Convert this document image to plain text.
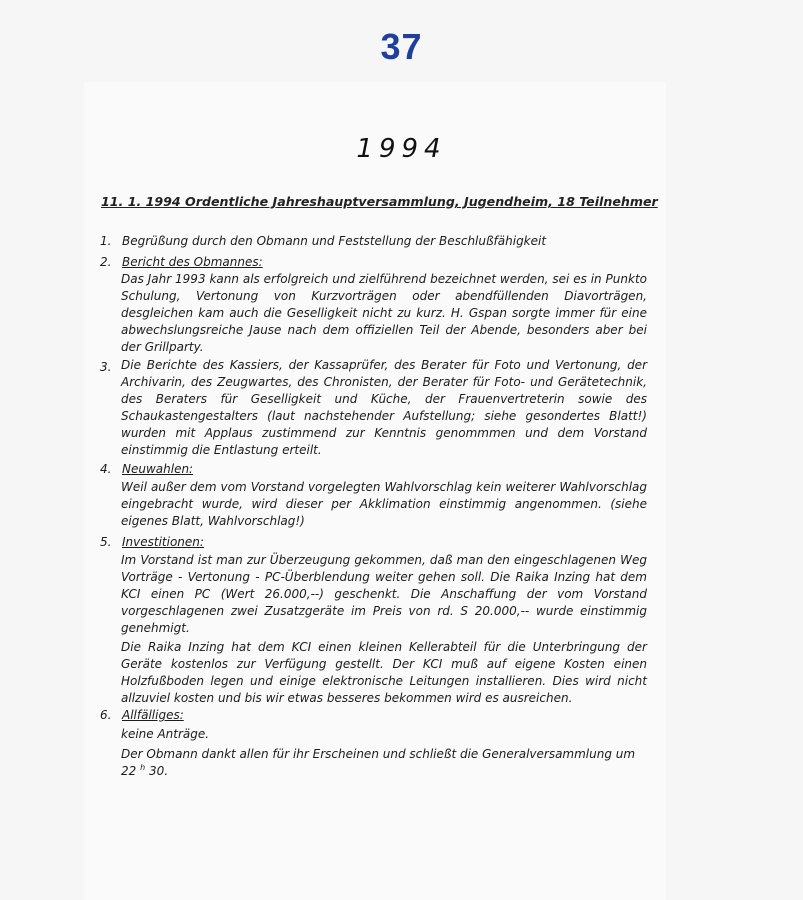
37
1994
11. 1. 1994 Ordentliche Jahreshauptversammlung, Jugendheim, 18 Teilnehmer
1. Begrüßung durch den Obmann und Feststellung der Beschlußfähigkeit
2. Bericht des Obmannes:
Das Jahr 1993 kann als erfolgreich und zielführend bezeichnet werden, sei es in Punkto Schulung, Vertonung von Kurzvorträgen oder abendfüllenden Diavorträgen, desgleichen kam auch die Geselligkeit nicht zu kurz. H. Gspan sorgte immer für eine abwechslungsreiche Jause nach dem offiziellen Teil der Abende, besonders aber bei der Grillparty.
3. Die Berichte des Kassiers, der Kassaprüfer, des Berater für Foto und Vertonung, der Archivarin, des Zeugwartes, des Chronisten, der Berater für Foto- und Gerätetechnik, des Beraters für Geselligkeit und Küche, der Frauenvertreterin sowie des Schaukastengestalters (laut nachstehender Aufstellung; siehe gesondertes Blatt!) wurden mit Applaus zustimmend zur Kenntnis genommmen und dem Vorstand einstimmig die Entlastung erteilt.
4. Neuwahlen:
Weil außer dem vom Vorstand vorgelegten Wahlvorschlag kein weiterer Wahlvorschlag eingebracht wurde, wird dieser per Akklimation einstimmig angenommen. (siehe eigenes Blatt, Wahlvorschlag!)
5. Investitionen:
Im Vorstand ist man zur Überzeugung gekommen, daß man den eingeschlagenen Weg Vorträge - Vertonung - PC-Überblendung weiter gehen soll. Die Raika Inzing hat dem KCI einen PC (Wert 26.000,--) geschenkt. Die Anschaffung der vom Vorstand vorgeschlagenen zwei Zusatzgeräte im Preis von rd. S 20.000,-- wurde einstimmig genehmigt.
Die Raika Inzing hat dem KCI einen kleinen Kellerabteil für die Unterbringung der Geräte kostenlos zur Verfügung gestellt. Der KCI muß auf eigene Kosten einen Holzfußboden legen und einige elektronische Leitungen installieren. Dies wird nicht allzuviel kosten und bis wir etwas besseres bekommen wird es ausreichen.
6. Allfälliges:
keine Anträge.
Der Obmann dankt allen für ihr Erscheinen und schließt die Generalversammlung um
22 $^h$ 30.
